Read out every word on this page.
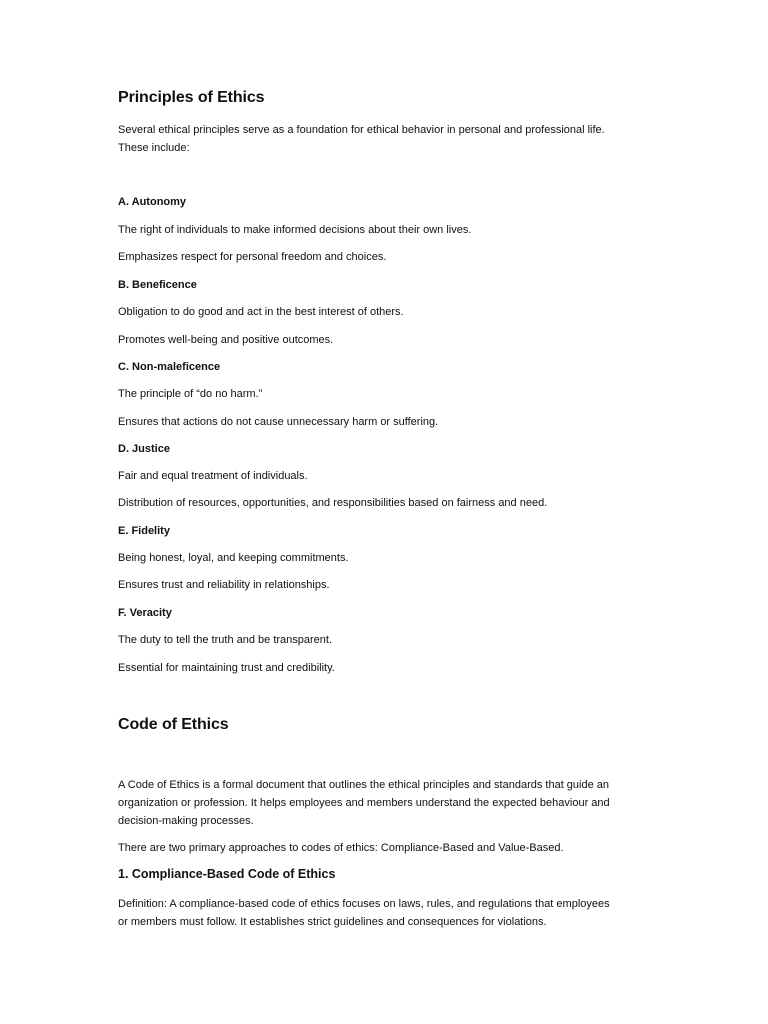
Principles of Ethics
Several ethical principles serve as a foundation for ethical behavior in personal and professional life.
These include:
A. Autonomy
The right of individuals to make informed decisions about their own lives.
Emphasizes respect for personal freedom and choices.
B. Beneficence
Obligation to do good and act in the best interest of others.
Promotes well-being and positive outcomes.
C. Non-maleficence
The principle of “do no harm.”
Ensures that actions do not cause unnecessary harm or suffering.
D. Justice
Fair and equal treatment of individuals.
Distribution of resources, opportunities, and responsibilities based on fairness and need.
E. Fidelity
Being honest, loyal, and keeping commitments.
Ensures trust and reliability in relationships.
F. Veracity
The duty to tell the truth and be transparent.
Essential for maintaining trust and credibility.
Code of Ethics
A Code of Ethics is a formal document that outlines the ethical principles and standards that guide an
organization or profession. It helps employees and members understand the expected behaviour and
decision-making processes.
There are two primary approaches to codes of ethics: Compliance-Based and Value-Based.
1. Compliance-Based Code of Ethics
Definition: A compliance-based code of ethics focuses on laws, rules, and regulations that employees
or members must follow. It establishes strict guidelines and consequences for violations.
